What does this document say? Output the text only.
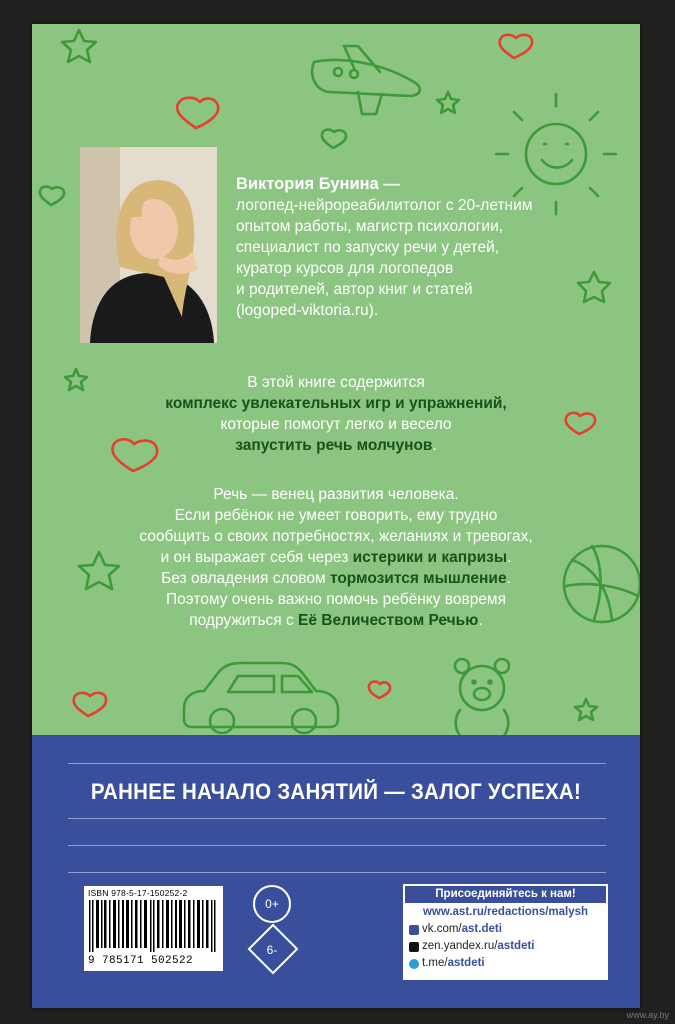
Виктория Бунина —
логопед-нейрореабилитолог с 20-летним
опытом работы, магистр психологии,
специалист по запуску речи у детей,
куратор курсов для логопедов
и родителей, автор книг и статей
(logoped-viktoria.ru).
В этой книге содержится
комплекс увлекательных игр и упражнений,
которые помогут легко и весело
запустить речь молчунов.
Речь — венец развития человека.
Если ребёнок не умеет говорить, ему трудно
сообщить о своих потребностях, желаниях и тревогах,
и он выражает себя через истерики и капризы.
Без овладения словом тормозится мышление.
Поэтому очень важно помочь ребёнку вовремя
подружиться с Её Величеством Речью.
РАННЕЕ НАЧАЛО ЗАНЯТИЙ — ЗАЛОГ УСПЕХА!
ISBN 978-5-17-150252-2
9 785171 502522
0+
6-
Присоединяйтесь к нам!
www.ast.ru/redactions/malysh
vk.com/ ast.deti
zen.yandex.ru/ astdeti
t.me/ astdeti
www.ay.by
